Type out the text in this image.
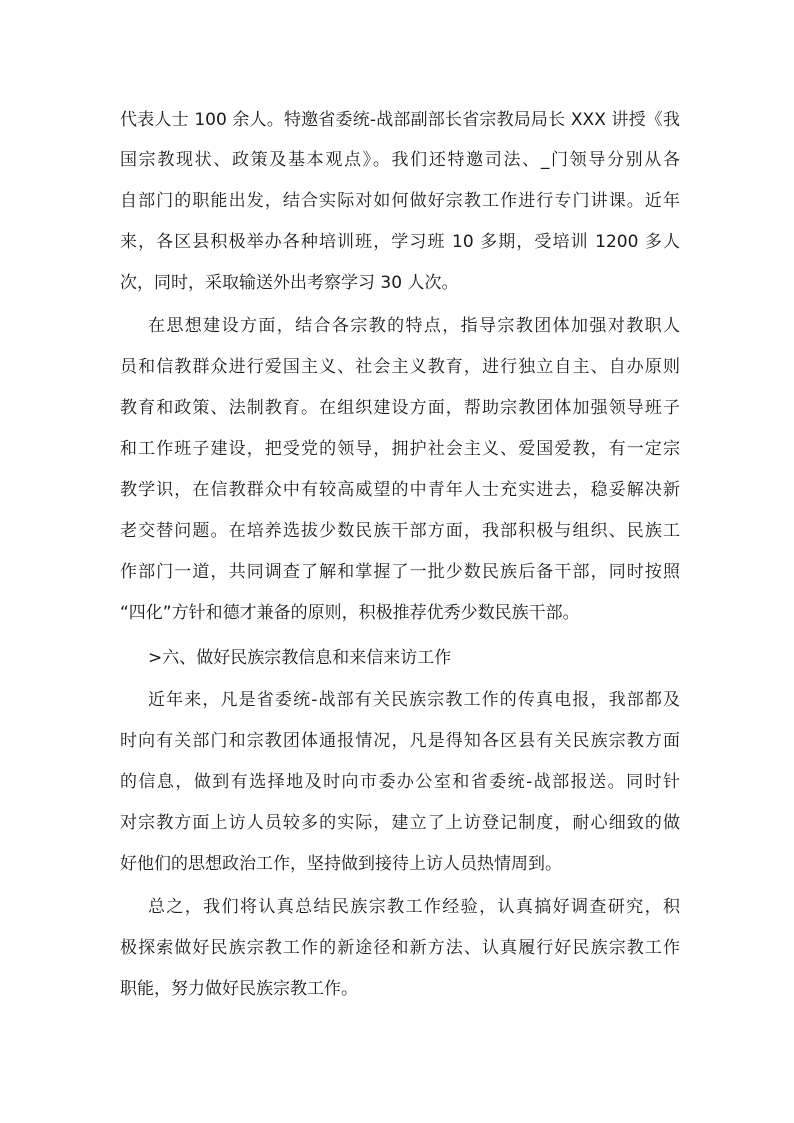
代表人士 100 余人。特邀省委统-战部副部长省宗教局局长 XXX 讲授《我
国宗教现状、政策及基本观点》。我们还特邀司法、_门领导分别从各
自部门的职能出发，结合实际对如何做好宗教工作进行专门讲课。近年
来，各区县积极举办各种培训班，学习班 10 多期，受培训 1200 多人
次，同时，采取输送外出考察学习 30 人次。
在思想建设方面，结合各宗教的特点，指导宗教团体加强对教职人
员和信教群众进行爱国主义、社会主义教育，进行独立自主、自办原则
教育和政策、法制教育。在组织建设方面，帮助宗教团体加强领导班子
和工作班子建设，把受党的领导，拥护社会主义、爱国爱教，有一定宗
教学识，在信教群众中有较高威望的中青年人士充实进去，稳妥解决新
老交替问题。在培养选拔少数民族干部方面，我部积极与组织、民族工
作部门一道，共同调查了解和掌握了一批少数民族后备干部，同时按照
“四化”方针和德才兼备的原则，积极推荐优秀少数民族干部。
>六、做好民族宗教信息和来信来访工作
近年来，凡是省委统-战部有关民族宗教工作的传真电报，我部都及
时向有关部门和宗教团体通报情况，凡是得知各区县有关民族宗教方面
的信息，做到有选择地及时向市委办公室和省委统-战部报送。同时针
对宗教方面上访人员较多的实际，建立了上访登记制度，耐心细致的做
好他们的思想政治工作，坚持做到接待上访人员热情周到。
总之，我们将认真总结民族宗教工作经验，认真搞好调查研究，积
极探索做好民族宗教工作的新途径和新方法、认真履行好民族宗教工作
职能，努力做好民族宗教工作。
